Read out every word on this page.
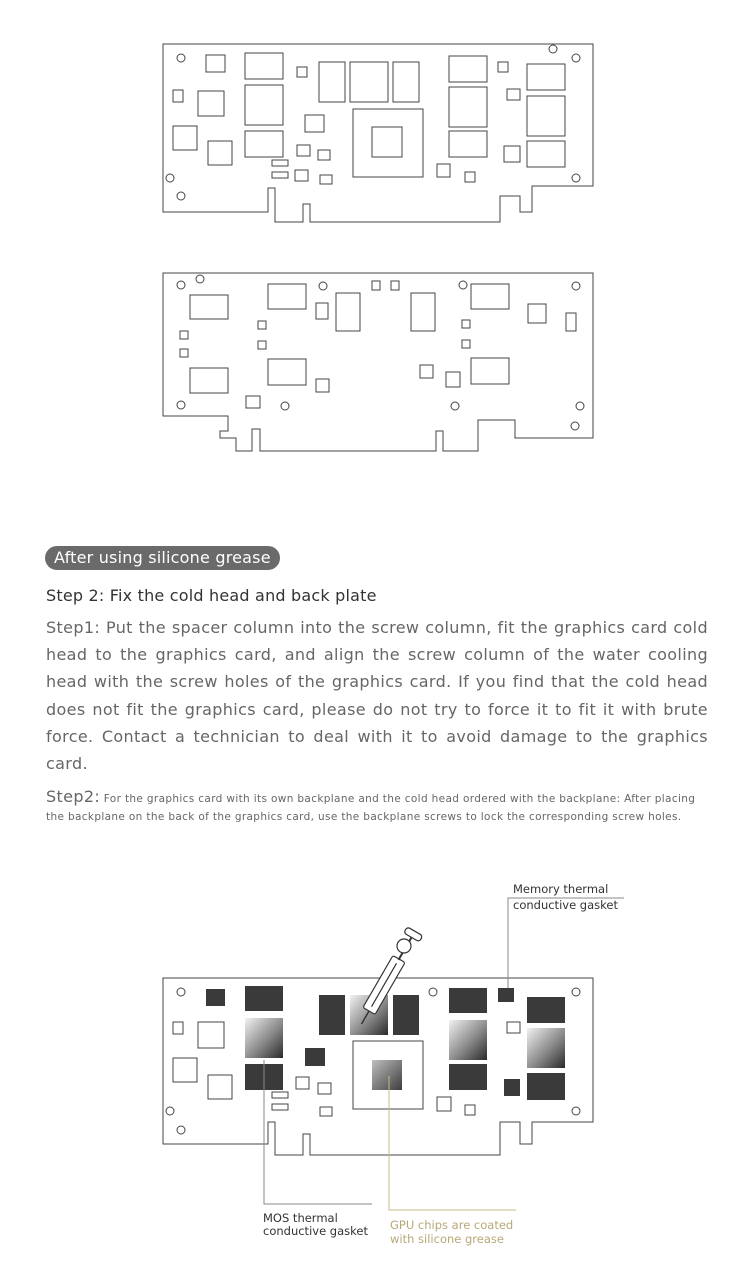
After using silicone grease
Step 2: Fix the cold head and back plate

Step1: Put the spacer column into the screw column, fit the graphics card cold head to the graphics card, and align the screw column of the water cooling head with the screw holes of the graphics card. If you find that the cold head does not fit the graphics card, please do not try to force it to fit it with brute force. Contact a technician to deal with it to avoid damage to the graphics card.

Step2: For the graphics card with its own backplane and the cold head ordered with the backplane: After placing the backplane on the back of the graphics card, use the backplane screws to lock the corresponding screw holes.

Memory thermal
conductive gasket
MOS thermal
conductive gasket GPU chips are coated
with silicone grease
